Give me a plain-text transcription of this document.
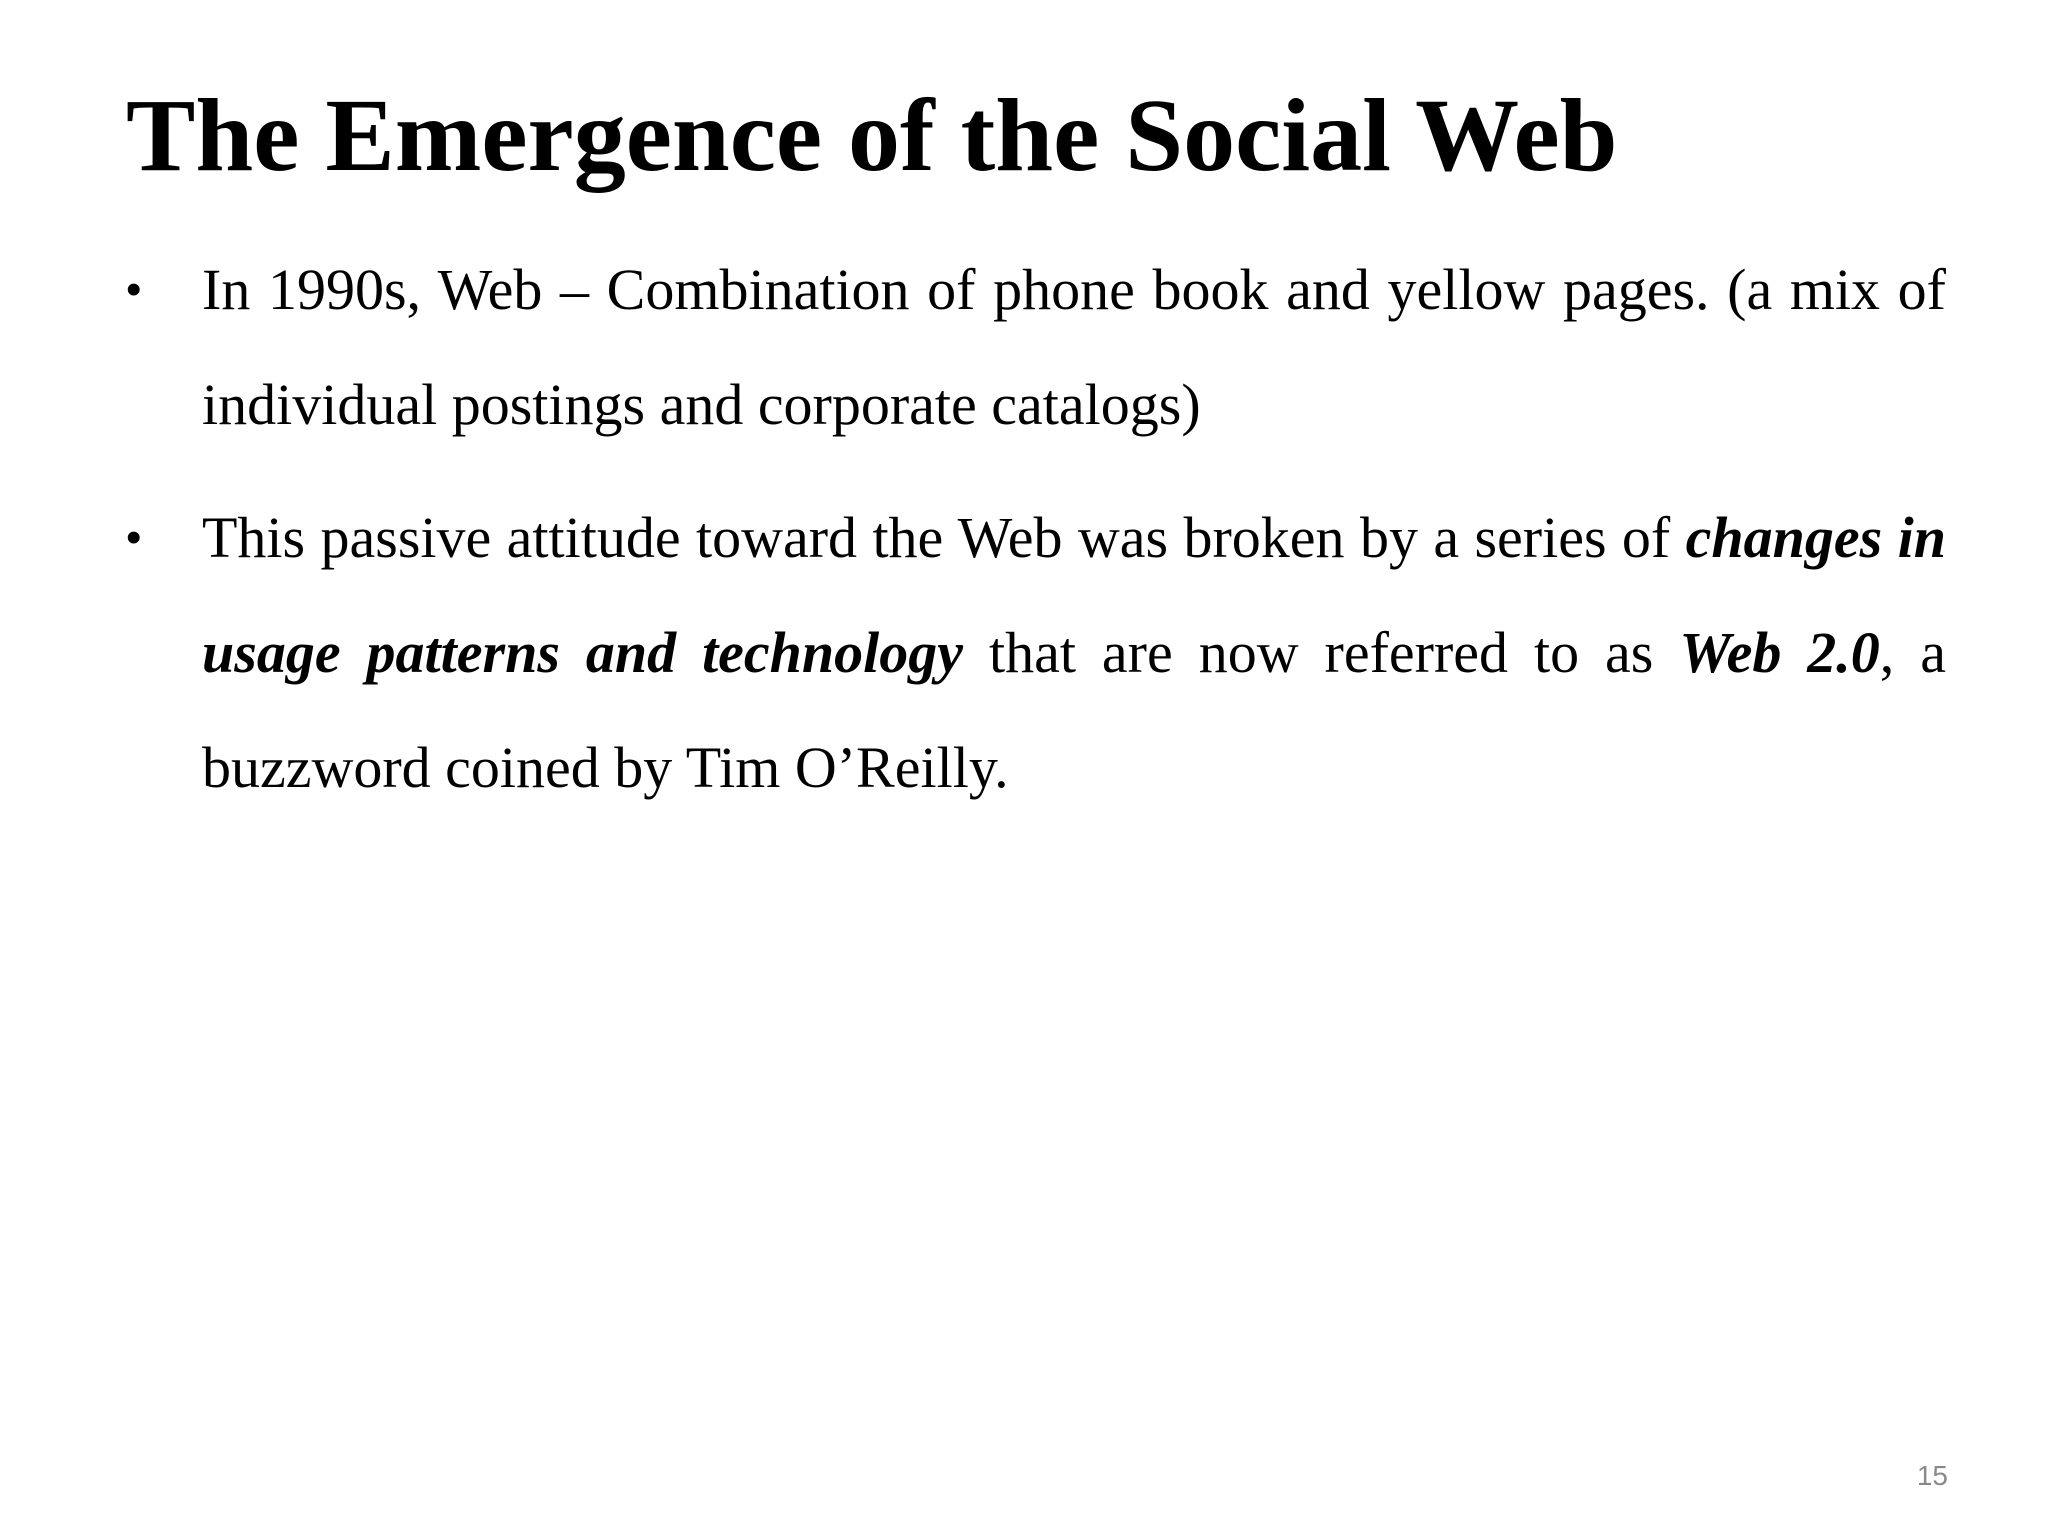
The Emergence of the Social Web
•	In 1990s, Web – Combination of phone book and yellow pages. (a mix of individual postings and corporate catalogs)
•	This passive attitude toward the Web was broken by a series of changes in usage patterns and technology that are now referred to as Web 2.0, a buzzword coined by Tim O’Reilly.
15
